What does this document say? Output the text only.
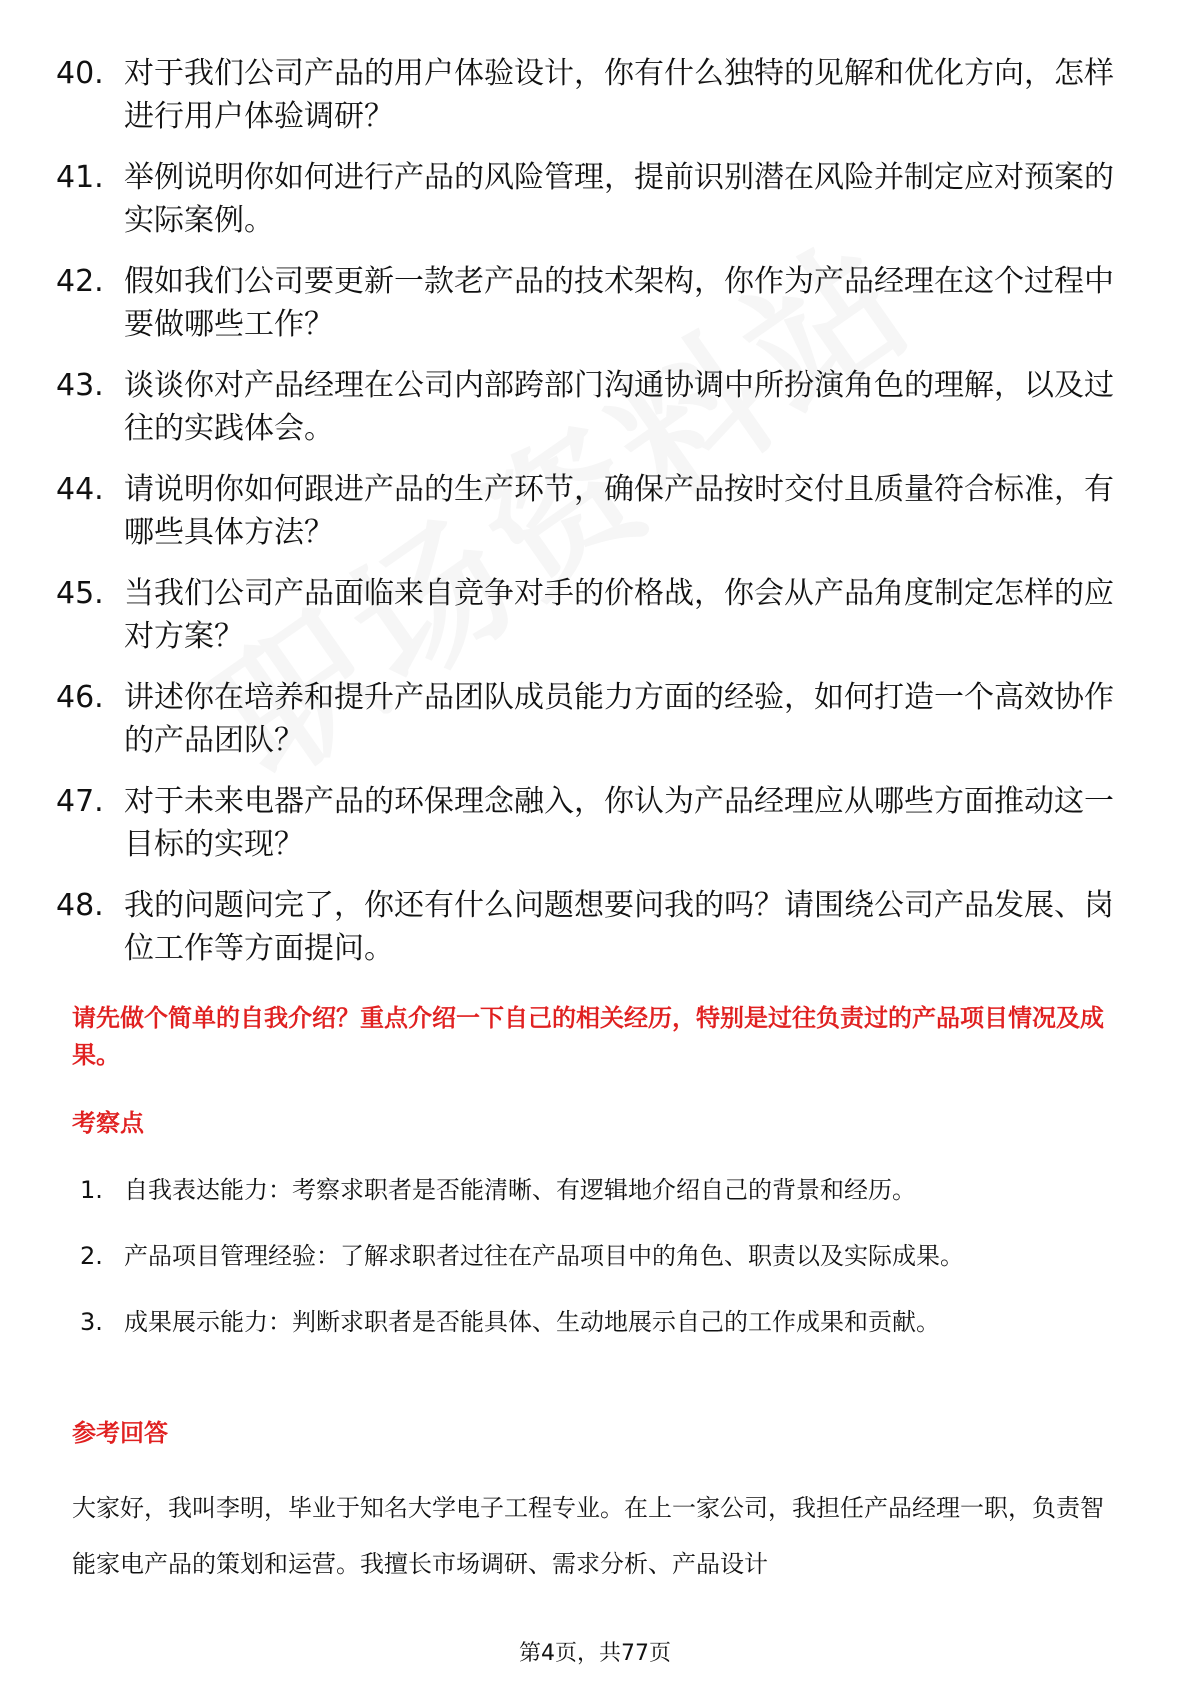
40. 对于我们公司产品的用户体验设计，你有什么独特的见解和优化方向，怎样进行用户体验调研？
41. 举例说明你如何进行产品的风险管理，提前识别潜在风险并制定应对预案的实际案例。
42. 假如我们公司要更新一款老产品的技术架构，你作为产品经理在这个过程中要做哪些工作？
43. 谈谈你对产品经理在公司内部跨部门沟通协调中所扮演角色的理解，以及过往的实践体会。
44. 请说明你如何跟进产品的生产环节，确保产品按时交付且质量符合标准，有哪些具体方法？
45. 当我们公司产品面临来自竞争对手的价格战，你会从产品角度制定怎样的应对方案？
46. 讲述你在培养和提升产品团队成员能力方面的经验，如何打造一个高效协作的产品团队？
47. 对于未来电器产品的环保理念融入，你认为产品经理应从哪些方面推动这一目标的实现？
48. 我的问题问完了，你还有什么问题想要问我的吗？请围绕公司产品发展、岗位工作等方面提问。
请先做个简单的自我介绍？重点介绍一下自己的相关经历，特别是过往负责过的产品项目情况及成果。
考察点
1. 自我表达能力：考察求职者是否能清晰、有逻辑地介绍自己的背景和经历。
2. 产品项目管理经验：了解求职者过往在产品项目中的角色、职责以及实际成果。
3. 成果展示能力：判断求职者是否能具体、生动地展示自己的工作成果和贡献。
参考回答

大家好，我叫李明，毕业于知名大学电子工程专业。在上一家公司，我担任产品经理一职，负责智能家电产品的策划和运营。我擅长市场调研、需求分析、产品设计

第4页，共77页
